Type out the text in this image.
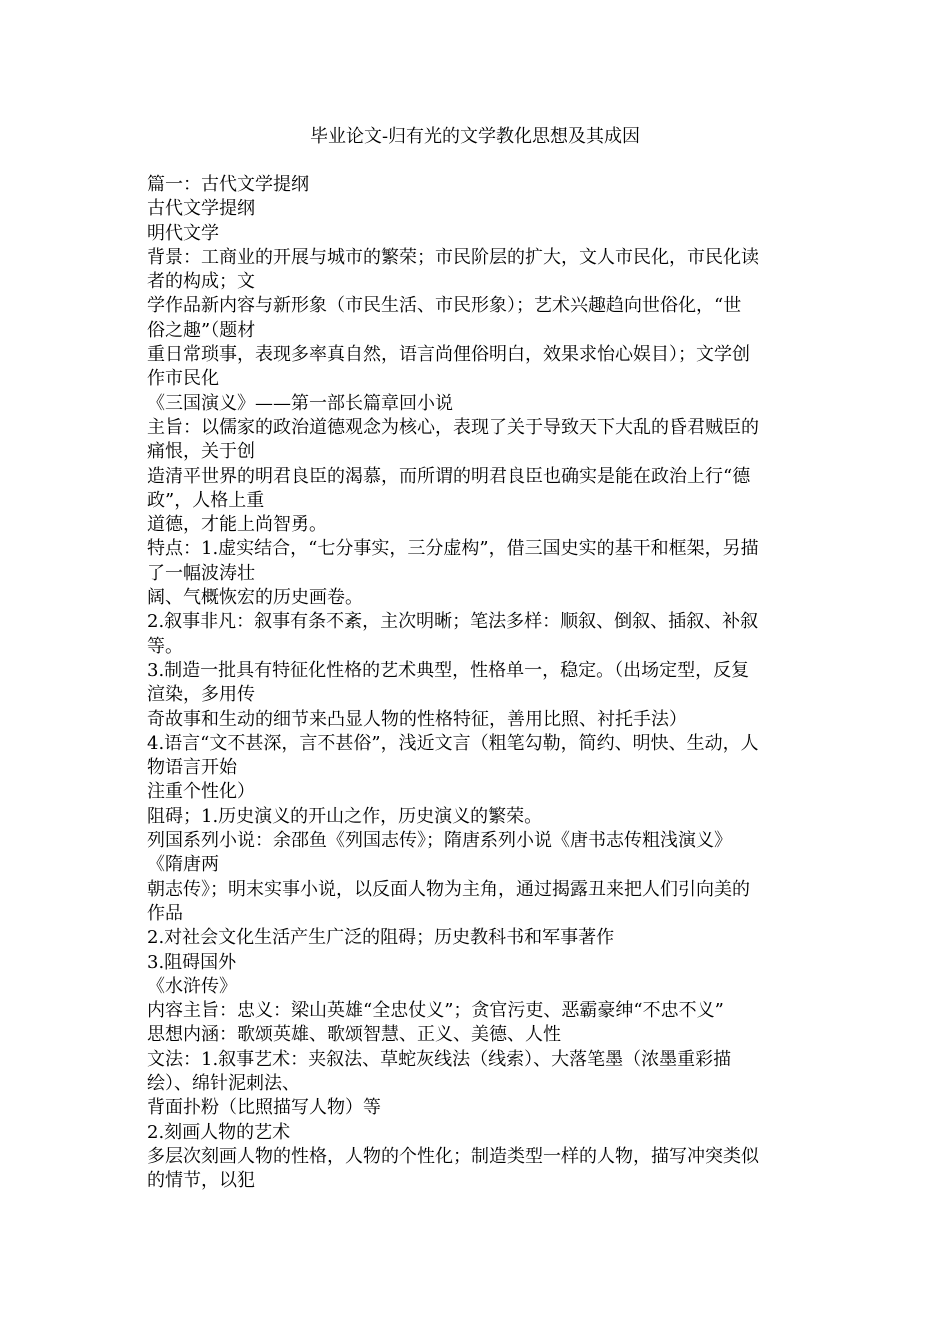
毕业论文-归有光的文学教化思想及其成因
篇一：古代文学提纲
古代文学提纲
明代文学
背景：工商业的开展与城市的繁荣；市民阶层的扩大，文人市民化，市民化读
者的构成；文
学作品新内容与新形象（市民生活、市民形象）；艺术兴趣趋向世俗化，“世
俗之趣”（题材
重日常琐事，表现多率真自然，语言尚俚俗明白，效果求怡心娱目）；文学创
作市民化
《三国演义》——第一部长篇章回小说
主旨：以儒家的政治道德观念为核心，表现了关于导致天下大乱的昏君贼臣的
痛恨，关于创
造清平世界的明君良臣的渴慕，而所谓的明君良臣也确实是能在政治上行“德
政”，人格上重
道德，才能上尚智勇。
特点：1.虚实结合，“七分事实，三分虚构”，借三国史实的基干和框架，另描
了一幅波涛壮
阔、气概恢宏的历史画卷。
2.叙事非凡：叙事有条不紊，主次明晰；笔法多样：顺叙、倒叙、插叙、补叙
等。
3.制造一批具有特征化性格的艺术典型，性格单一，稳定。（出场定型，反复
渲染，多用传
奇故事和生动的细节来凸显人物的性格特征，善用比照、衬托手法）
4.语言“文不甚深，言不甚俗”，浅近文言（粗笔勾勒，简约、明快、生动，人
物语言开始
注重个性化）
阻碍；1.历史演义的开山之作，历史演义的繁荣。
列国系列小说：余邵鱼《列国志传》；隋唐系列小说《唐书志传粗浅演义》
《隋唐两
朝志传》；明末实事小说，以反面人物为主角，通过揭露丑来把人们引向美的
作品
2.对社会文化生活产生广泛的阻碍；历史教科书和军事著作
3.阻碍国外
《水浒传》
内容主旨：忠义：梁山英雄“全忠仗义”；贪官污吏、恶霸豪绅“不忠不义”
思想内涵：歌颂英雄、歌颂智慧、正义、美德、人性
文法：1.叙事艺术：夹叙法、草蛇灰线法（线索）、大落笔墨（浓墨重彩描
绘）、绵针泥刺法、
背面扑粉（比照描写人物）等
2.刻画人物的艺术
多层次刻画人物的性格，人物的个性化；制造类型一样的人物，描写冲突类似
的情节，以犯
